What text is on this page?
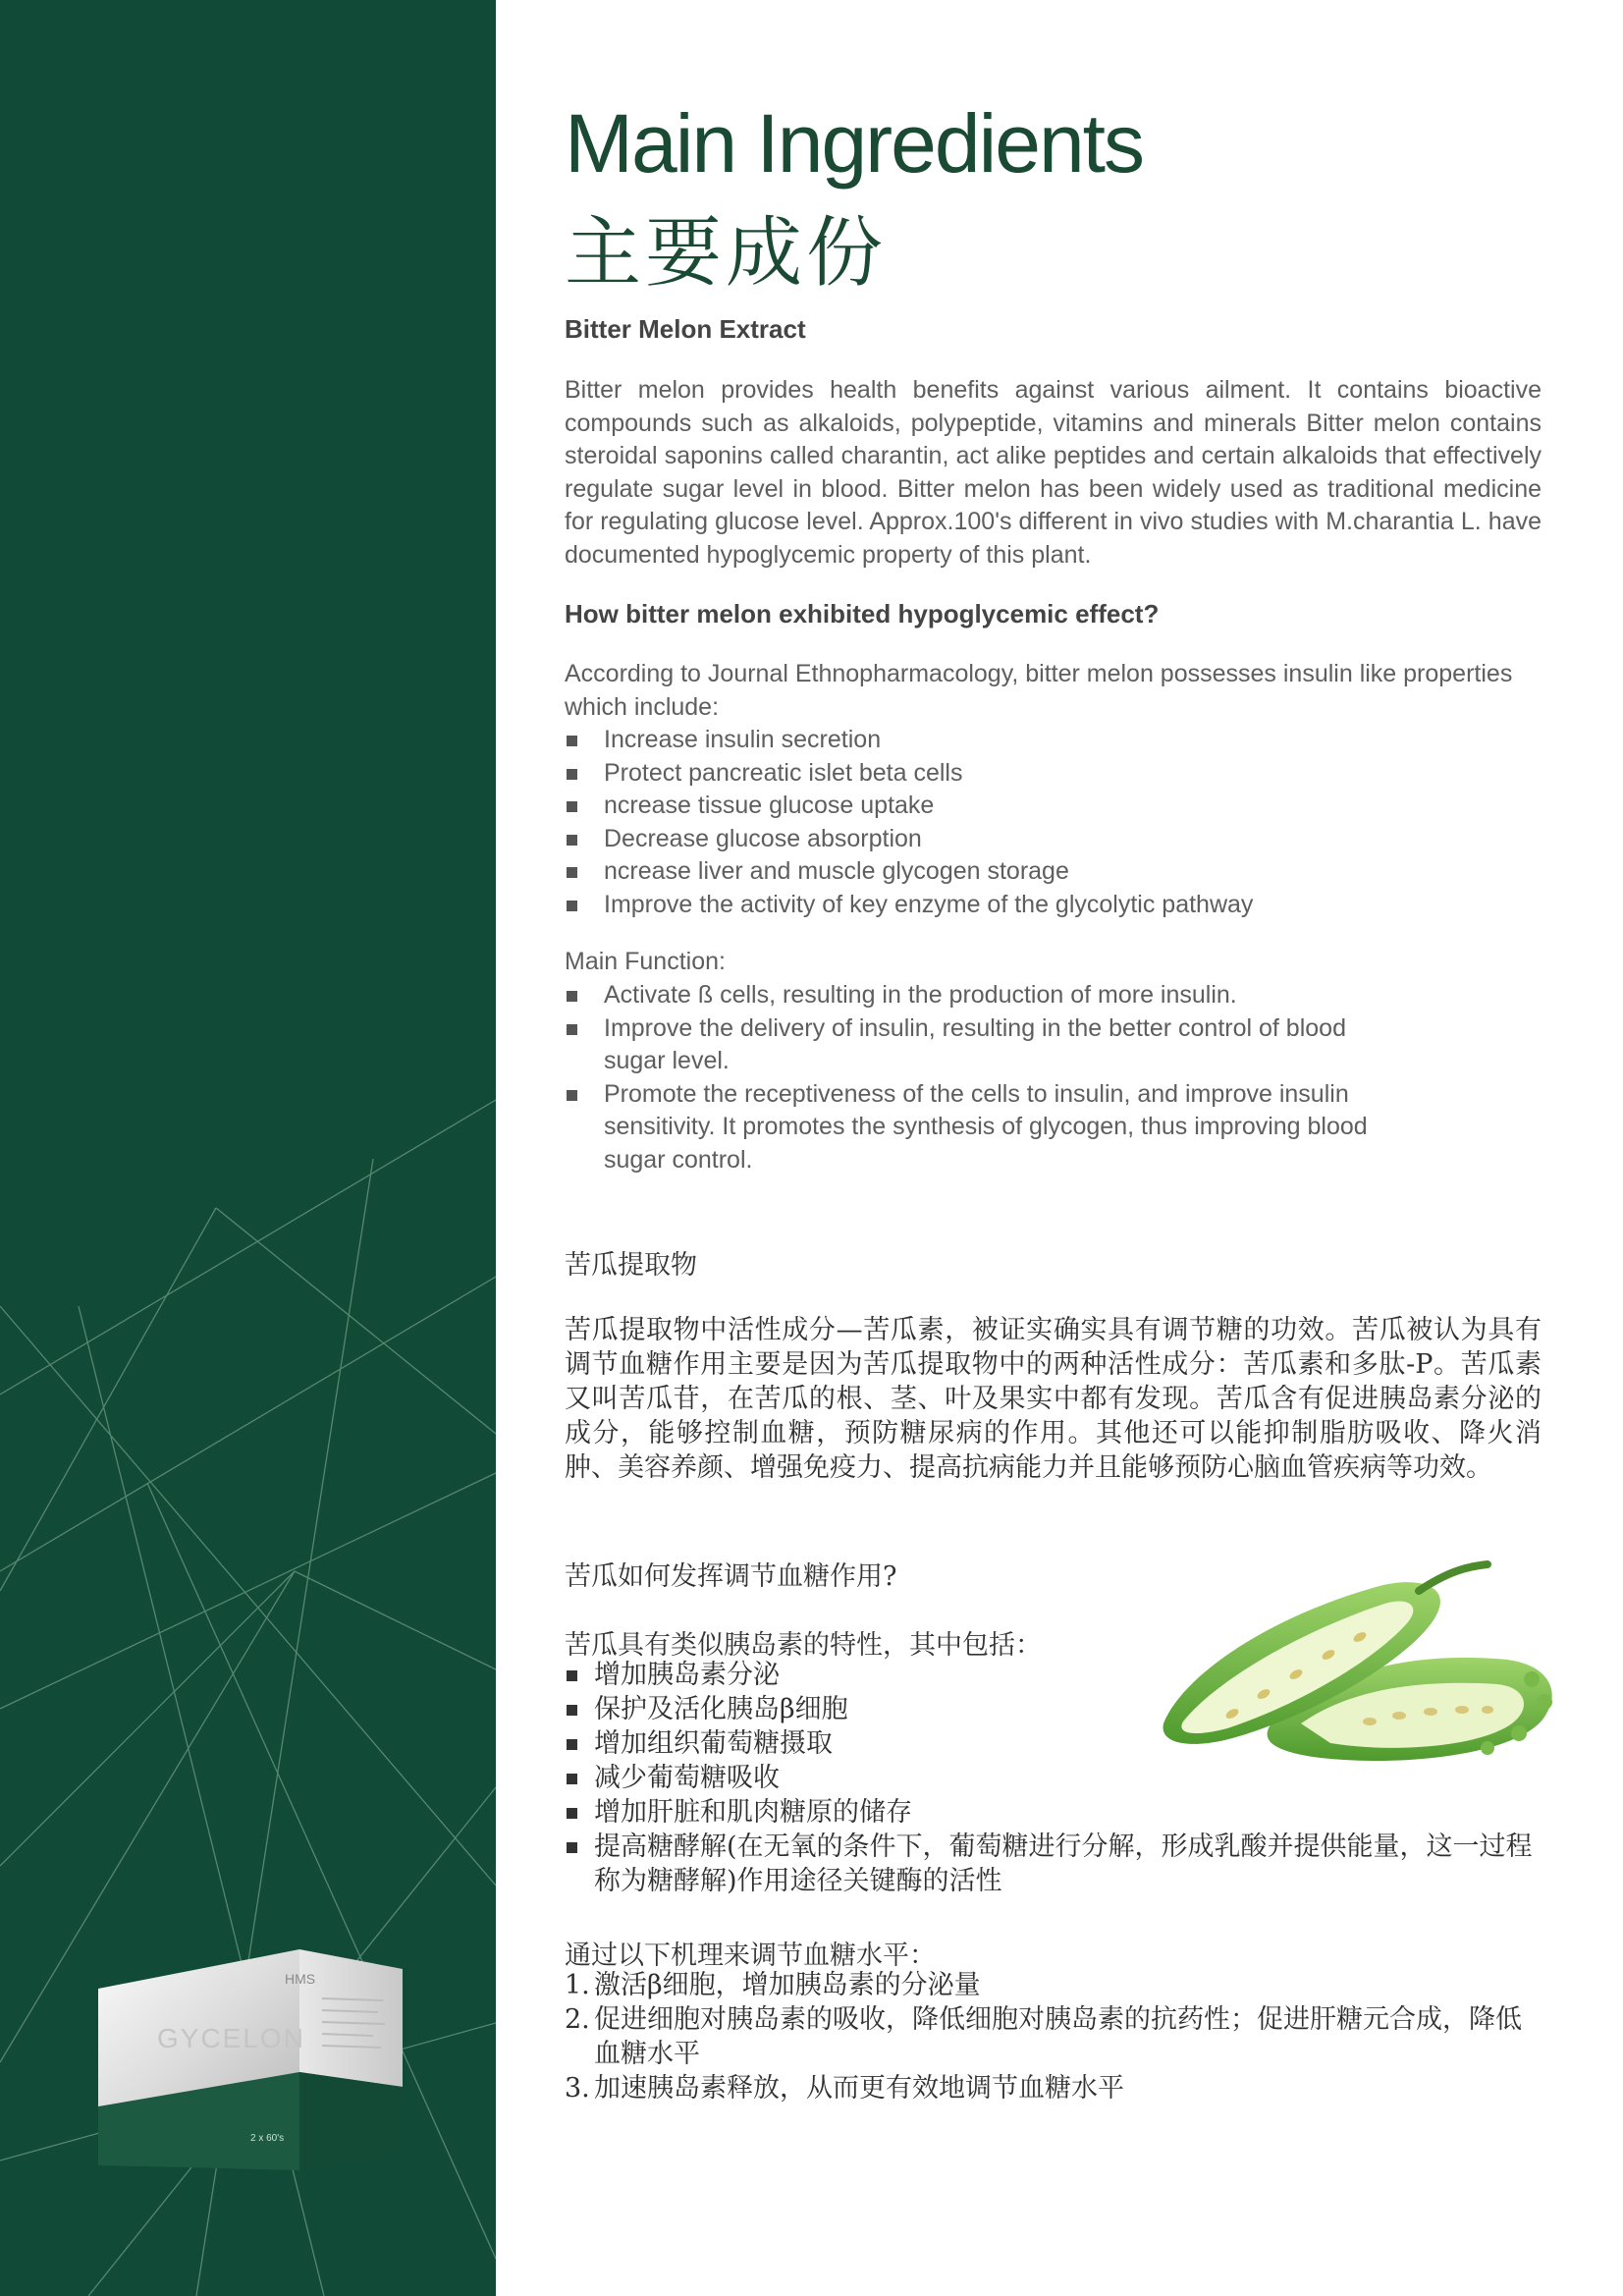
HMS
GYCELON
2 x 60's
Main Ingredients
主要成份
Bitter Melon Extract
Bitter melon provides health benefits against various ailment. It contains bioactive compounds such as alkaloids, polypeptide, vitamins and minerals Bitter melon contains steroidal saponins called charantin, act alike peptides and certain alkaloids that effectively regulate sugar level in blood. Bitter melon has been widely used as traditional medicine for regulating glucose level. Approx.100's different in vivo studies with M.charantia L. have documented hypoglycemic property of this plant.
How bitter melon exhibited hypoglycemic effect?
According to Journal Ethnopharmacology, bitter melon possesses insulin like properties which include:
Increase insulin secretion
Protect pancreatic islet beta cells
ncrease tissue glucose uptake
Decrease glucose absorption
ncrease liver and muscle glycogen storage
Improve the activity of key enzyme of the glycolytic pathway
Main Function:
Activate ß cells, resulting in the production of more insulin.
Improve the delivery of insulin, resulting in the better control of blood sugar level.
Promote the receptiveness of the cells to insulin, and improve insulin sensitivity. It promotes the synthesis of glycogen, thus improving blood sugar control.
苦瓜提取物
苦瓜提取物中活性成分—苦瓜素，被证实确实具有调节糖的功效。苦瓜被认为具有调节血糖作用主要是因为苦瓜提取物中的两种活性成分：苦瓜素和多肽-P。苦瓜素又叫苦瓜苷，在苦瓜的根、茎、叶及果实中都有发现。苦瓜含有促进胰岛素分泌的成分，能够控制血糖，预防糖尿病的作用。其他还可以能抑制脂肪吸收、降火消肿、美容养颜、增强免疫力、提高抗病能力并且能够预防心脑血管疾病等功效。
苦瓜如何发挥调节血糖作用?
苦瓜具有类似胰岛素的特性，其中包括：
增加胰岛素分泌
保护及活化胰岛β细胞
增加组织葡萄糖摄取
减少葡萄糖吸收
增加肝脏和肌肉糖原的储存
提高糖酵解(在无氧的条件下，葡萄糖进行分解，形成乳酸并提供能量，这一过程称为糖酵解)作用途径关键酶的活性
通过以下机理来调节血糖水平：
1. 激活β细胞，增加胰岛素的分泌量
2. 促进细胞对胰岛素的吸收，降低细胞对胰岛素的抗药性；促进肝糖元合成，降低血糖水平
3. 加速胰岛素释放，从而更有效地调节血糖水平
